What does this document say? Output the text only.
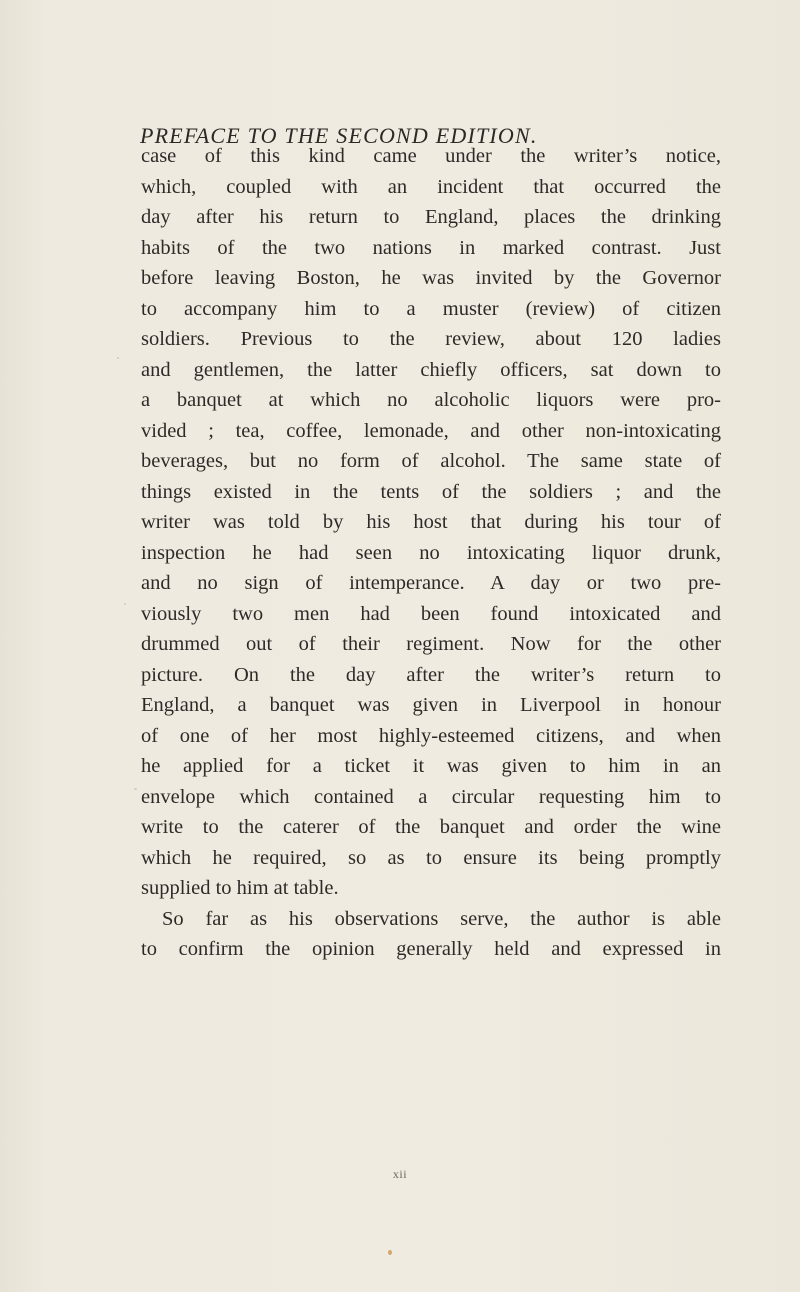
PREFACE TO THE SECOND EDITION.
case of this kind came under the writer’s notice,
which, coupled with an incident that occurred the
day after his return to England, places the drinking
habits of the two nations in marked contrast. Just
before leaving Boston, he was invited by the Governor
to accompany him to a muster (review) of citizen
soldiers. Previous to the review, about 120 ladies
and gentlemen, the latter chiefly officers, sat down to
a banquet at which no alcoholic liquors were pro-
vided ; tea, coffee, lemonade, and other non-intoxicating
beverages, but no form of alcohol. The same state of
things existed in the tents of the soldiers ; and the
writer was told by his host that during his tour of
inspection he had seen no intoxicating liquor drunk,
and no sign of intemperance. A day or two pre-
viously two men had been found intoxicated and
drummed out of their regiment. Now for the other
picture. On the day after the writer’s return to
England, a banquet was given in Liverpool in honour
of one of her most highly-esteemed citizens, and when
he applied for a ticket it was given to him in an
envelope which contained a circular requesting him to
write to the caterer of the banquet and order the wine
which he required, so as to ensure its being promptly
supplied to him at table.
So far as his observations serve, the author is able
to confirm the opinion generally held and expressed in
xii
